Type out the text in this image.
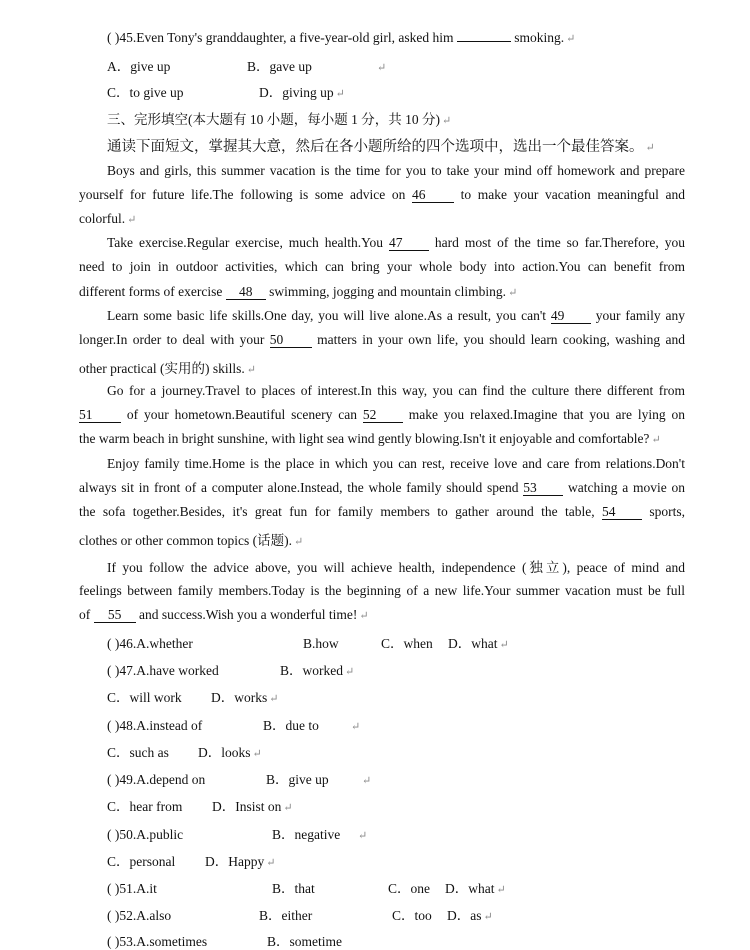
( )45.Even Tony's granddaughter, a five-year-old girl, asked him	smoking. ↵
A．give up	B．gave up	↵
C．to give up	D．giving up ↵
三、完形填空(本大题有 10 小题，每小题 1 分，共 10 分) ↵
通读下面短文，掌握其大意，然后在各小题所给的四个选项中，选出一个最佳答案。 ↵
Boys and girls, this summer vacation is the time for you to take your mind off homework and prepare
yourself for future life.The following is some advice on 46	to make your vacation meaningful and
colorful. ↵
Take exercise.Regular exercise, much health.You 47 hard most of the time so far.Therefore, you
need to join in outdoor activities, which can bring your whole body into action.You can benefit from
different forms of exercise 48 swimming, jogging and mountain climbing. ↵
Learn some basic life skills.One day, you will live alone.As a result, you can't 49 your family any
longer.In order to deal with your 50	matters in your own life, you should learn cooking, washing and
other practical (实用的) skills. ↵
Go for a journey.Travel to places of interest.In this way, you can find the culture there different from
51	of your hometown.Beautiful scenery can 52 make you relaxed.Imagine that you are lying on
the warm beach in bright sunshine, with light sea wind gently blowing.Isn't it enjoyable and comfortable? ↵
Enjoy family time.Home is the place in which you can rest, receive love and care from relations.Don't
always sit in front of a computer alone.Instead, the whole family should spend 53 watching a movie on
the sofa together.Besides, it's great fun for family members to gather around the table, 54	sports,
clothes or other common topics (话题). ↵
If you follow the advice above, you will achieve health, independence (独立), peace of mind and
feelings between family members.Today is the beginning of a new life.Your summer vacation must be full
of 55 and success.Wish you a wonderful time! ↵
( )46.A.whether	B.how	C．when D．what ↵
( )47.A.have worked	B．worked ↵
C．will work D．works ↵
( )48.A.instead of	B．due to	↵
C．such as D．looks ↵
( )49.A.depend on	B．give up	↵
C．hear from D．Insist on ↵
( )50.A.public	B．negative ↵
C．personal D．Happy ↵
( )51.A.it	B．that	C．one D．what ↵
( )52.A.also	B．either	C．too D．as ↵
( )53.A.sometimes	B．sometime
